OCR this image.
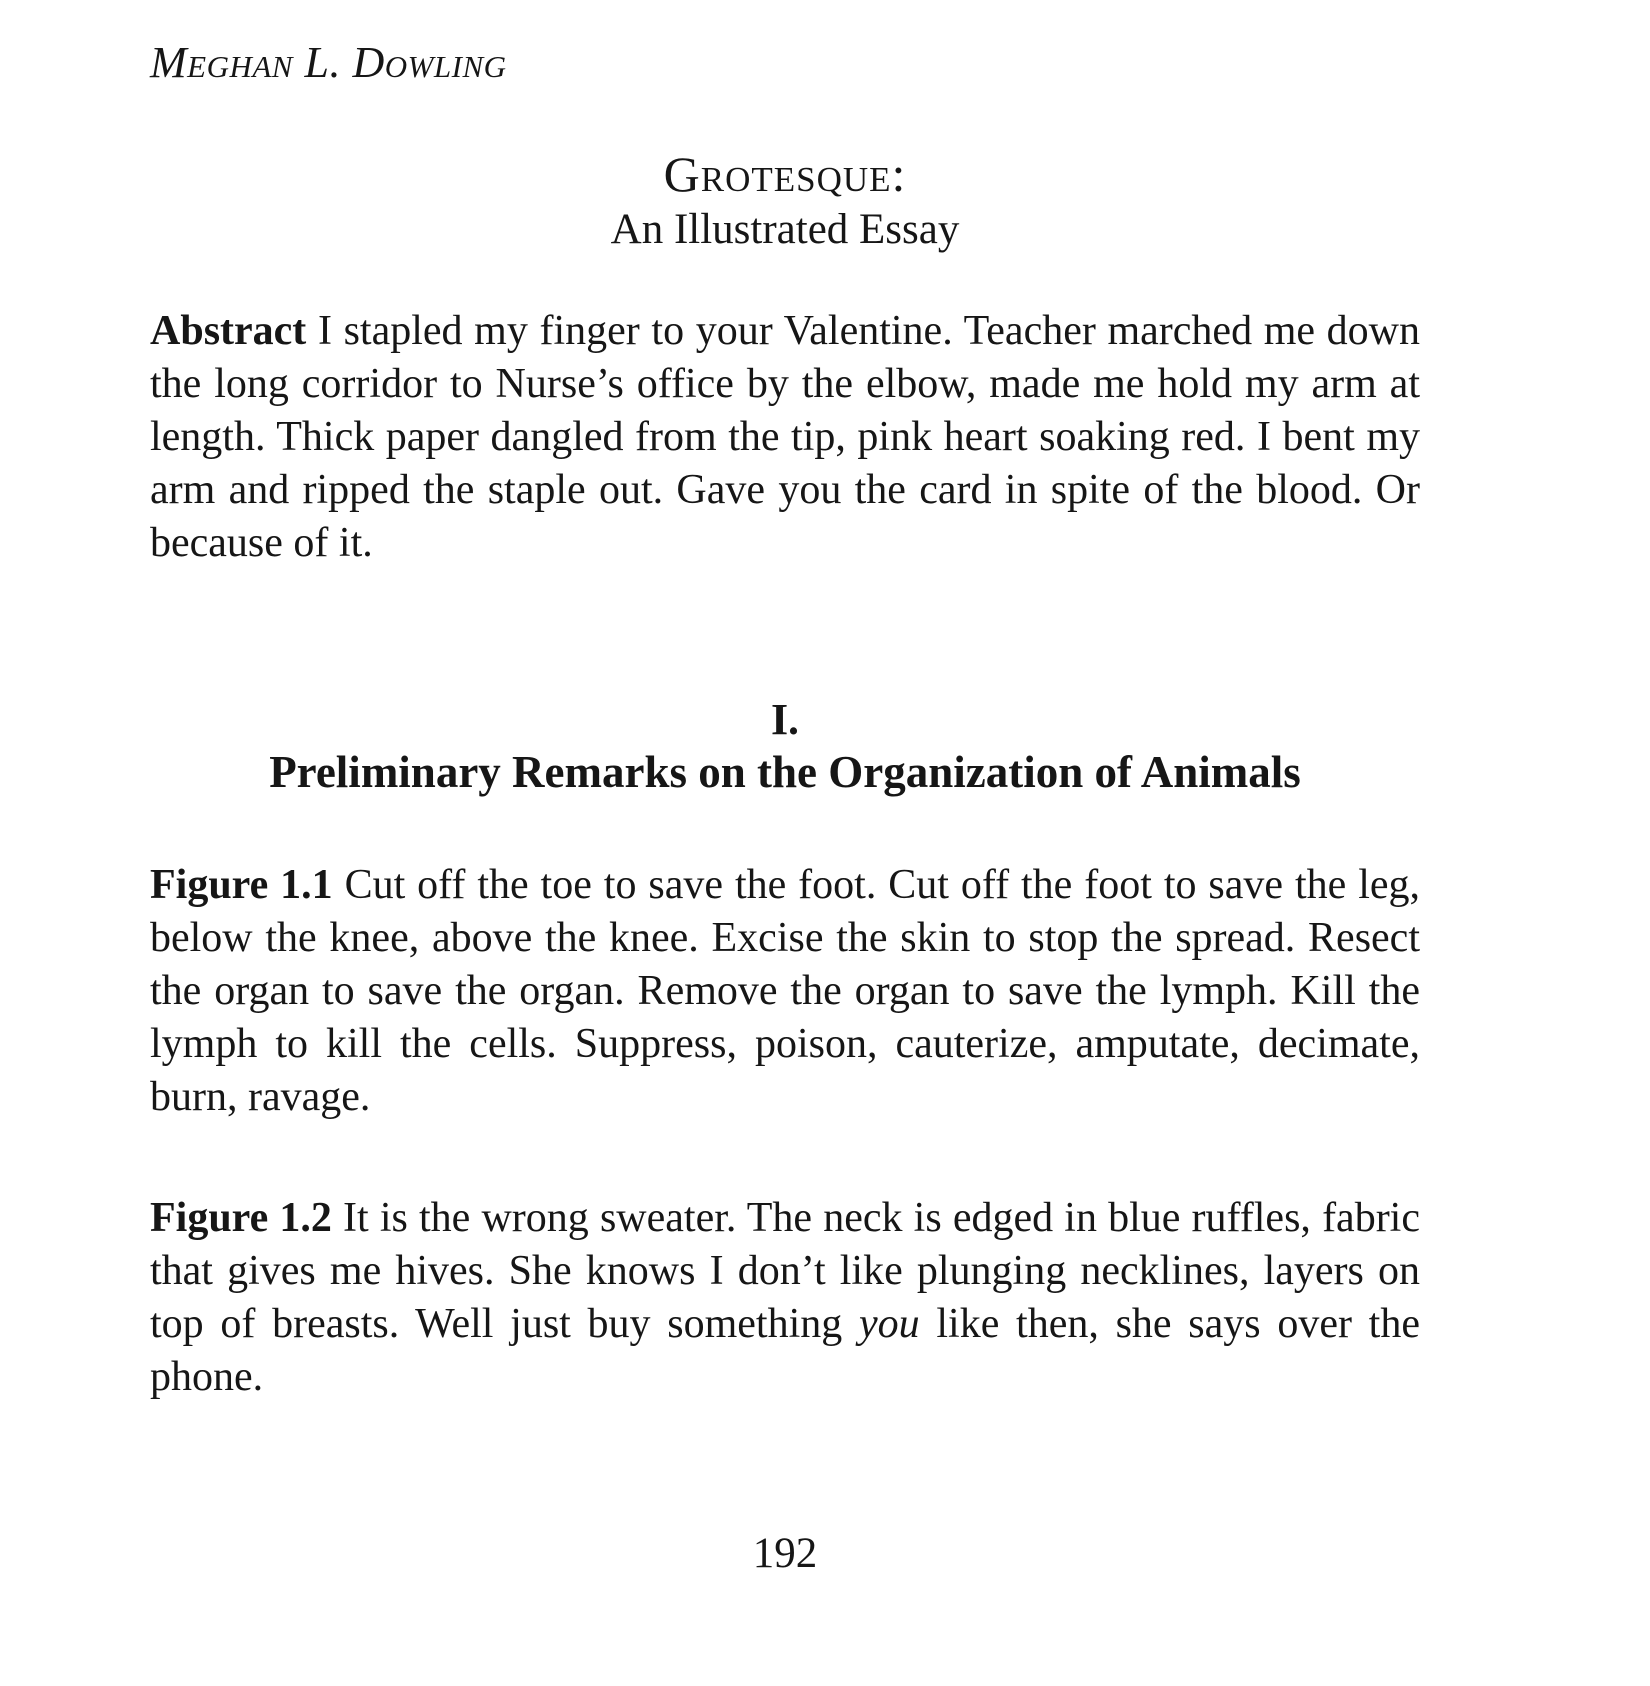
Meghan L. Dowling
Grotesque:
An Illustrated Essay

Abstract I stapled my finger to your Valentine. Teacher marched me down the long corridor to Nurse’s office by the elbow, made me hold my arm at length. Thick paper dangled from the tip, pink heart soaking red. I bent my arm and ripped the staple out. Gave you the card in spite of the blood. Or because of it.

I.
Preliminary Remarks on the Organization of Animals

Figure 1.1 Cut off the toe to save the foot. Cut off the foot to save the leg, below the knee, above the knee. Excise the skin to stop the spread. Resect the organ to save the organ. Remove the organ to save the lymph. Kill the lymph to kill the cells. Suppress, poison, cauterize, amputate, decimate, burn, ravage.

Figure 1.2 It is the wrong sweater. The neck is edged in blue ruffles, fabric that gives me hives. She knows I don’t like plunging necklines, layers on top of breasts. Well just buy something you like then, she says over the phone.

192
